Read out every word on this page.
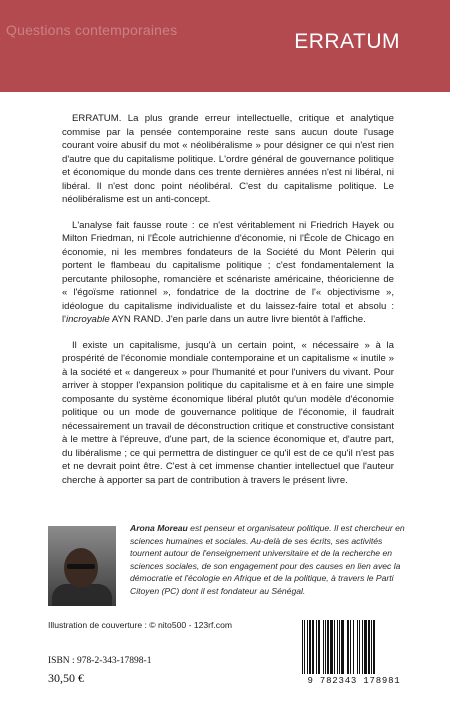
Questions contemporaines	ERRATUM

ERRATUM. La plus grande erreur intellectuelle, critique et analytique commise par la pensée contemporaine reste sans aucun doute l'usage courant voire abusif du mot « néolibéralisme » pour désigner ce qui n'est rien d'autre que du capitalisme politique. L'ordre général de gouvernance politique et économique du monde dans ces trente dernières années n'est ni libéral, ni libéral. Il n'est donc point néolibéral. C'est du capitalisme politique. Le néolibéralisme est un anti-concept.

L'analyse fait fausse route : ce n'est véritablement ni Friedrich Hayek ou Milton Friedman, ni l'École autrichienne d'économie, ni l'École de Chicago en économie, ni les membres fondateurs de la Société du Mont Pèlerin qui portent le flambeau du capitalisme politique ; c'est fondamentalement la percutante philosophe, romancière et scénariste américaine, théoricienne de « l'égoïsme rationnel », fondatrice de la doctrine de l'« objectivisme », idéologue du capitalisme individualiste et du laissez-faire total et absolu : l'incroyable AYN RAND. J'en parle dans un autre livre bientôt à l'affiche.

Il existe un capitalisme, jusqu'à un certain point, « nécessaire » à la prospérité de l'économie mondiale contemporaine et un capitalisme « inutile » à la société et « dangereux » pour l'humanité et pour l'univers du vivant. Pour arriver à stopper l'expansion politique du capitalisme et à en faire une simple composante du système économique libéral plutôt qu'un modèle d'économie politique ou un mode de gouvernance politique de l'économie, il faudrait nécessairement un travail de déconstruction critique et constructive consistant à le mettre à l'épreuve, d'une part, de la science économique et, d'autre part, du libéralisme ; ce qui permettra de distinguer ce qu'il est de ce qu'il n'est pas et ne devrait point être. C'est à cet immense chantier intellectuel que l'auteur cherche à apporter sa part de contribution à travers le présent livre.

Arona Moreau est penseur et organisateur politique. Il est chercheur en sciences humaines et sociales. Au-delà de ses écrits, ses activités tournent autour de l'enseignement universitaire et de la recherche en sciences sociales, de son engagement pour des causes en lien avec la démocratie et l'écologie en Afrique et de la politique, à travers le Parti Citoyen (PC) dont il est fondateur au Sénégal.
Illustration de couverture : © nito500 - 123rf.com
ISBN : 978-2-343-17898-1
30,50 €	9 782343 178981
